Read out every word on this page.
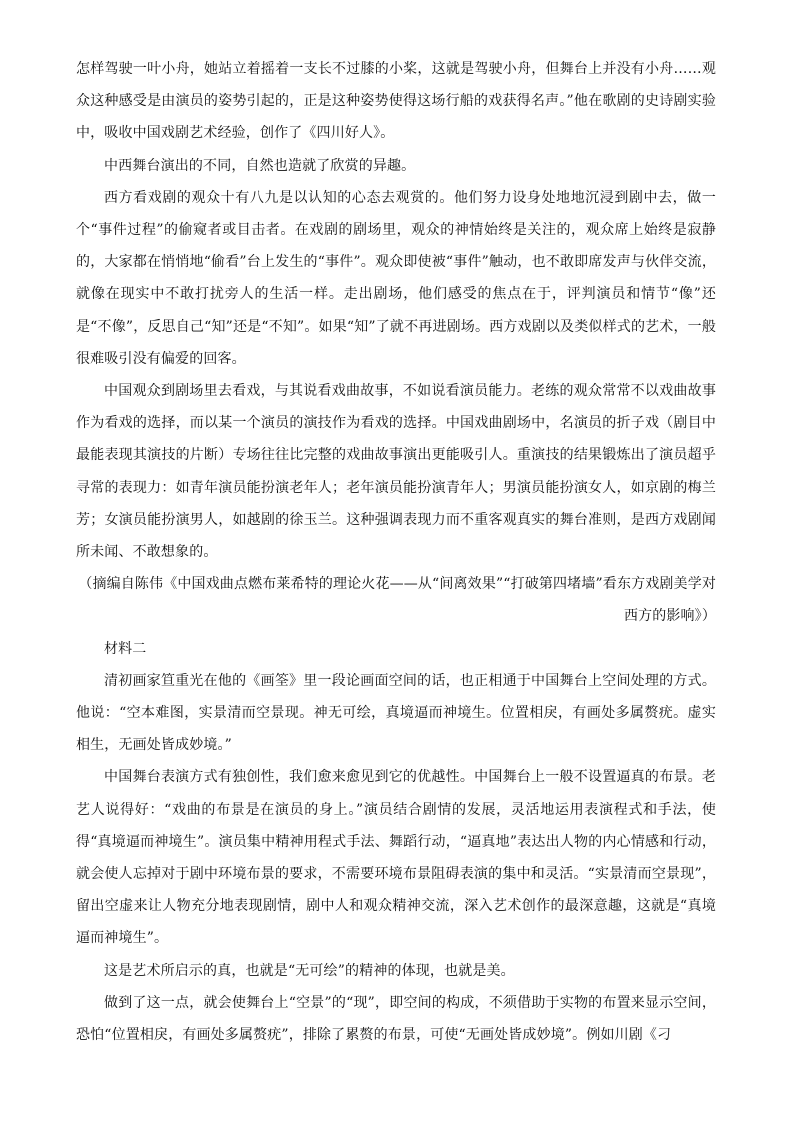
怎样驾驶一叶小舟，她站立着摇着一支长不过膝的小桨，这就是驾驶小舟，但舞台上并没有小舟……观众这种感受是由演员的姿势引起的，正是这种姿势使得这场行船的戏获得名声。”他在歌剧的史诗剧实验中，吸收中国戏剧艺术经验，创作了《四川好人》。

中西舞台演出的不同，自然也造就了欣赏的异趣。

西方看戏剧的观众十有八九是以认知的心态去观赏的。他们努力设身处地地沉浸到剧中去，做一个“事件过程”的偷窥者或目击者。在戏剧的剧场里，观众的神情始终是关注的，观众席上始终是寂静的，大家都在悄悄地“偷看”台上发生的“事件”。观众即使被“事件”触动，也不敢即席发声与伙伴交流，就像在现实中不敢打扰旁人的生活一样。走出剧场，他们感受的焦点在于，评判演员和情节“像”还是“不像”，反思自己“知”还是“不知”。如果“知”了就不再进剧场。西方戏剧以及类似样式的艺术，一般很难吸引没有偏爱的回客。

中国观众到剧场里去看戏，与其说看戏曲故事，不如说看演员能力。老练的观众常常不以戏曲故事作为看戏的选择，而以某一个演员的演技作为看戏的选择。中国戏曲剧场中，名演员的折子戏（剧目中最能表现其演技的片断）专场往往比完整的戏曲故事演出更能吸引人。重演技的结果锻炼出了演员超乎寻常的表现力：如青年演员能扮演老年人；老年演员能扮演青年人；男演员能扮演女人，如京剧的梅兰芳；女演员能扮演男人，如越剧的徐玉兰。这种强调表现力而不重客观真实的舞台准则，是西方戏剧闻所未闻、不敢想象的。

（摘编自陈伟《中国戏曲点燃布莱希特的理论火花——从“间离效果”“打破第四堵墙”看东方戏剧美学对西方的影响》）

材料二

清初画家笪重光在他的《画筌》里一段论画面空间的话，也正相通于中国舞台上空间处理的方式。他说：“空本难图，实景清而空景现。神无可绘，真境逼而神境生。位置相戾，有画处多属赘疣。虚实相生，无画处皆成妙境。”

中国舞台表演方式有独创性，我们愈来愈见到它的优越性。中国舞台上一般不设置逼真的布景。老艺人说得好：“戏曲的布景是在演员的身上。”演员结合剧情的发展，灵活地运用表演程式和手法，使得“真境逼而神境生”。演员集中精神用程式手法、舞蹈行动，“逼真地”表达出人物的内心情感和行动，就会使人忘掉对于剧中环境布景的要求，不需要环境布景阻碍表演的集中和灵活。“实景清而空景现”，留出空虚来让人物充分地表现剧情，剧中人和观众精神交流，深入艺术创作的最深意趣，这就是“真境逼而神境生”。

这是艺术所启示的真，也就是“无可绘”的精神的体现，也就是美。

做到了这一点，就会使舞台上“空景”的“现”，即空间的构成，不须借助于实物的布置来显示空间，恐怕“位置相戾，有画处多属赘疣”，排除了累赘的布景，可使“无画处皆成妙境”。例如川剧《刁
